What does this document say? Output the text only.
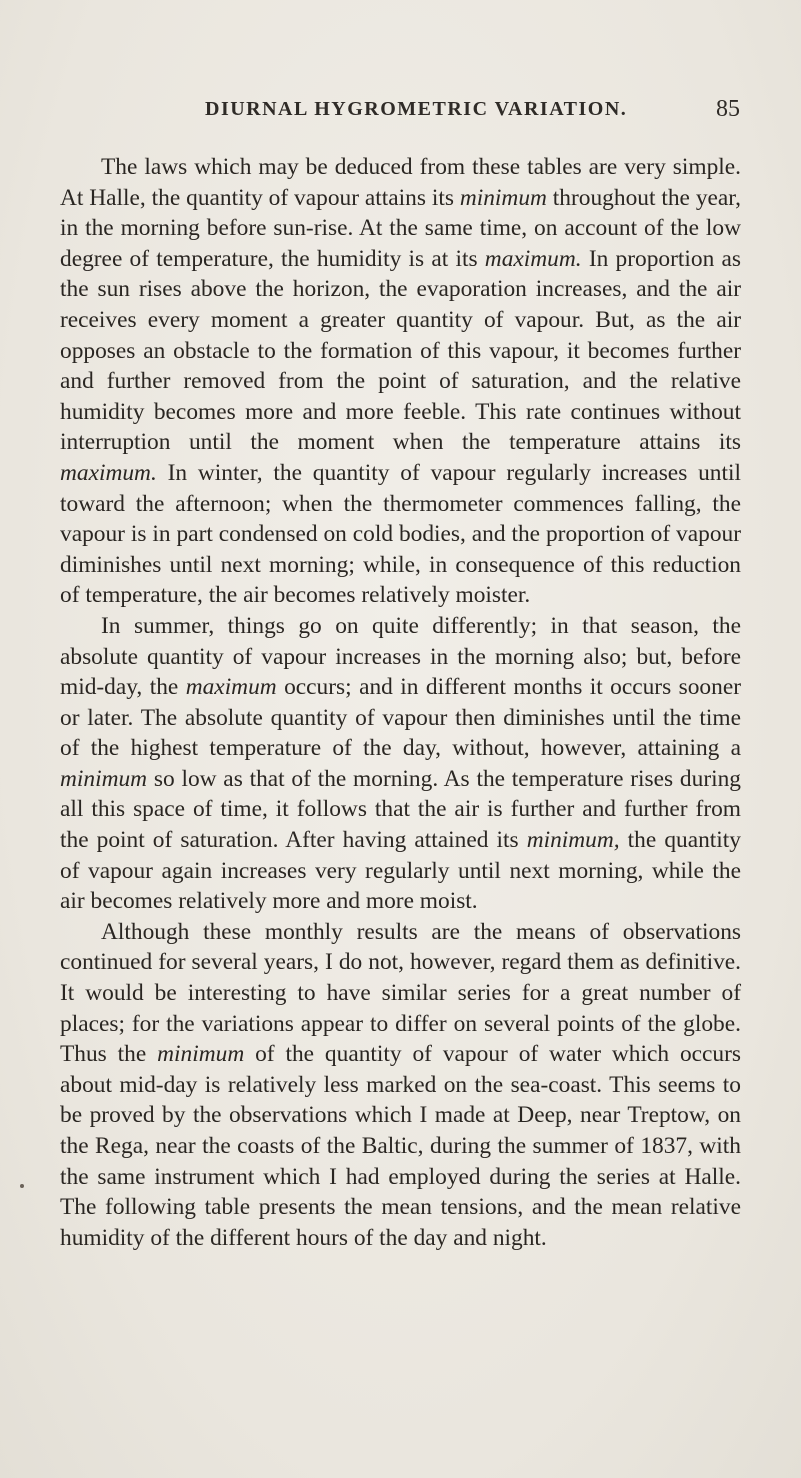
DIURNAL HYGROMETRIC VARIATION.	85

The laws which may be deduced from these tables are very simple. At Halle, the quantity of vapour attains its minimum throughout the year, in the morning before sun-rise. At the same time, on account of the low degree of temperature, the humidity is at its maximum. In proportion as the sun rises above the horizon, the evaporation increases, and the air receives every moment a greater quantity of vapour. But, as the air opposes an obstacle to the formation of this vapour, it becomes further and further removed from the point of saturation, and the relative humidity becomes more and more feeble. This rate continues without interruption until the moment when the temperature attains its maximum. In winter, the quantity of vapour regularly increases until toward the afternoon; when the thermometer commences falling, the vapour is in part condensed on cold bodies, and the proportion of vapour diminishes until next morning; while, in consequence of this reduction of temperature, the air becomes relatively moister.

In summer, things go on quite differently; in that season, the absolute quantity of vapour increases in the morning also; but, before mid-day, the maximum occurs; and in different months it occurs sooner or later. The absolute quantity of vapour then diminishes until the time of the highest temperature of the day, without, however, attaining a minimum so low as that of the morning. As the temperature rises during all this space of time, it follows that the air is further and further from the point of saturation. After having attained its minimum, the quantity of vapour again increases very regularly until next morning, while the air becomes relatively more and more moist.

Although these monthly results are the means of observations continued for several years, I do not, however, regard them as definitive. It would be interesting to have similar series for a great number of places; for the variations appear to differ on several points of the globe. Thus the minimum of the quantity of vapour of water which occurs about mid-day is relatively less marked on the sea-coast. This seems to be proved by the observations which I made at Deep, near Treptow, on the Rega, near the coasts of the Baltic, during the summer of 1837, with the same instrument which I had employed during the series at Halle. The following table presents the mean tensions, and the mean relative humidity of the different hours of the day and night.
